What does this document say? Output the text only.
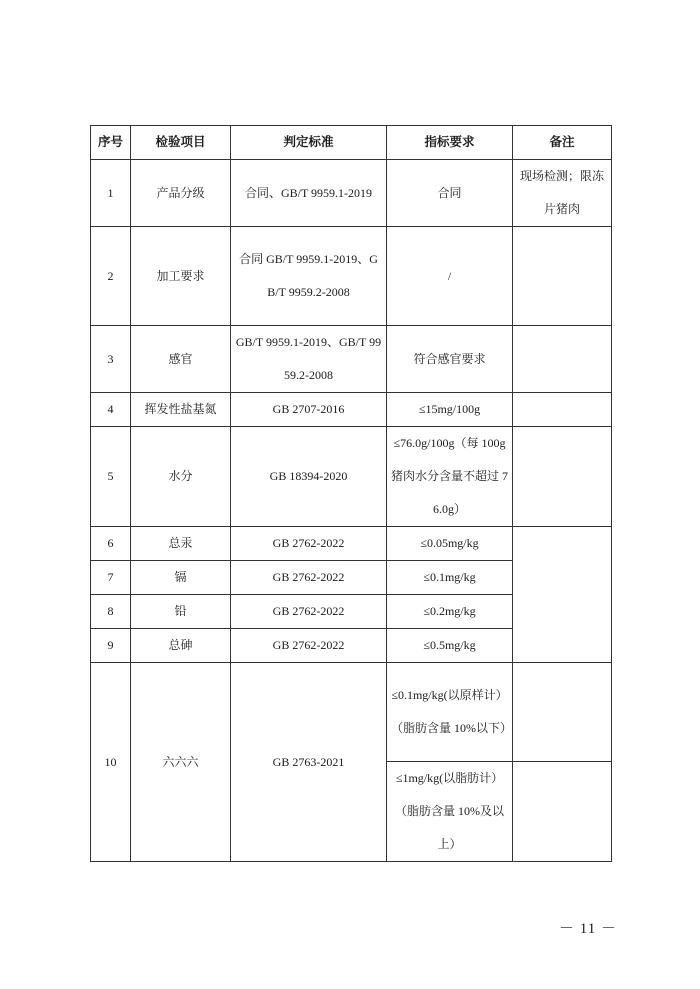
序号	检验项目	判定标准	指标要求	备注
1	产品分级	合同、GB/T 9959.1-2019	合同	现场检测；限冻片猪肉
2	加工要求	合同 GB/T 9959.1-2019、GB/T 9959.2-2008	/	
3	感官	GB/T 9959.1-2019、GB/T 9959.2-2008	符合感官要求	
4	挥发性盐基氮	GB 2707-2016	≤15mg/100g	
5	水分	GB 18394-2020	≤76.0g/100g（每 100g 猪肉水分含量不超过 76.0g）	
6	总汞	GB 2762-2022	≤0.05mg/kg	
7	镉	GB 2762-2022	≤0.1mg/kg	
8	铅	GB 2762-2022	≤0.2mg/kg	
9	总砷	GB 2762-2022	≤0.5mg/kg	
10	六六六	GB 2763-2021	≤0.1mg/kg(以原样计）（脂肪含量 10%以下）	
			≤1mg/kg(以脂肪计）（脂肪含量 10%及以上）	
－ 11 －
